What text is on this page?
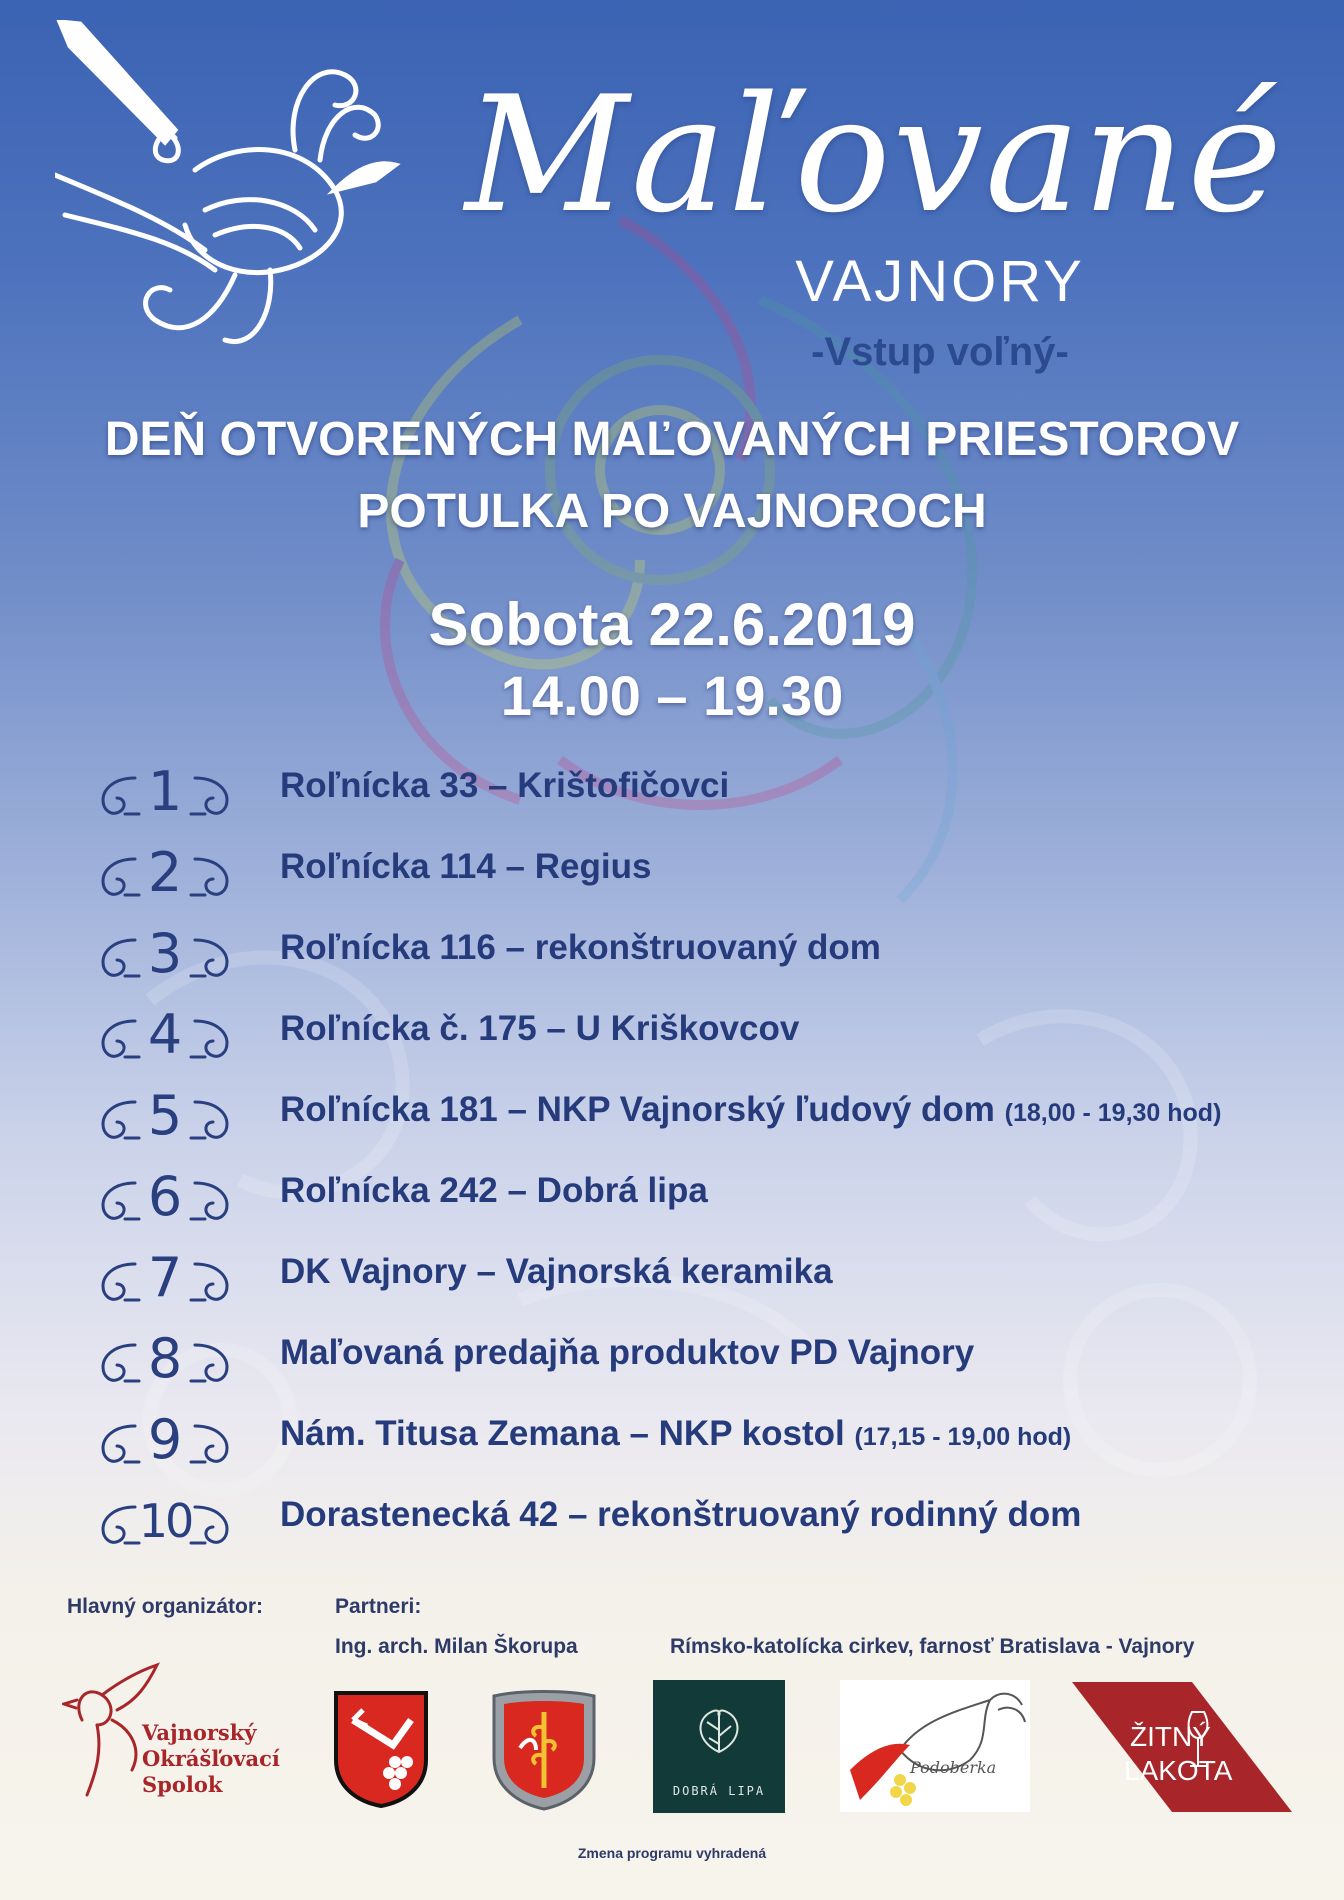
Maľované
VAJNORY
-Vstup voľný-
DEŇ OTVORENÝCH MAĽOVANÝCH PRIESTOROV
POTULKA PO VAJNOROCH
Sobota 22.6.2019
14.00 – 19.30
1	Roľnícka 33 – Krištofičovci
2	Roľnícka 114 – Regius
3	Roľnícka 116 – rekonštruovaný dom
4	Roľnícka č. 175 – U Kriškovcov
5	Roľnícka 181 – NKP Vajnorský ľudový dom (18,00 - 19,30 hod)
6	Roľnícka 242 – Dobrá lipa
7	DK Vajnory – Vajnorská keramika
8	Maľovaná predajňa produktov PD Vajnory
9	Nám. Titusa Zemana – NKP kostol (17,15 - 19,00 hod)
10	Dorastenecká 42 – rekonštruovaný rodinný dom
Hlavný organizátor:	Partneri:
Ing. arch. Milan Škorupa	Rímsko-katolícka cirkev, farnosť Bratislava - Vajnory
Vajnorský
Okrášľovací
Spolok	DOBRÁ LIPA
Podoberka
ŽITNÝ
LAKOTA
Zmena programu vyhradená
